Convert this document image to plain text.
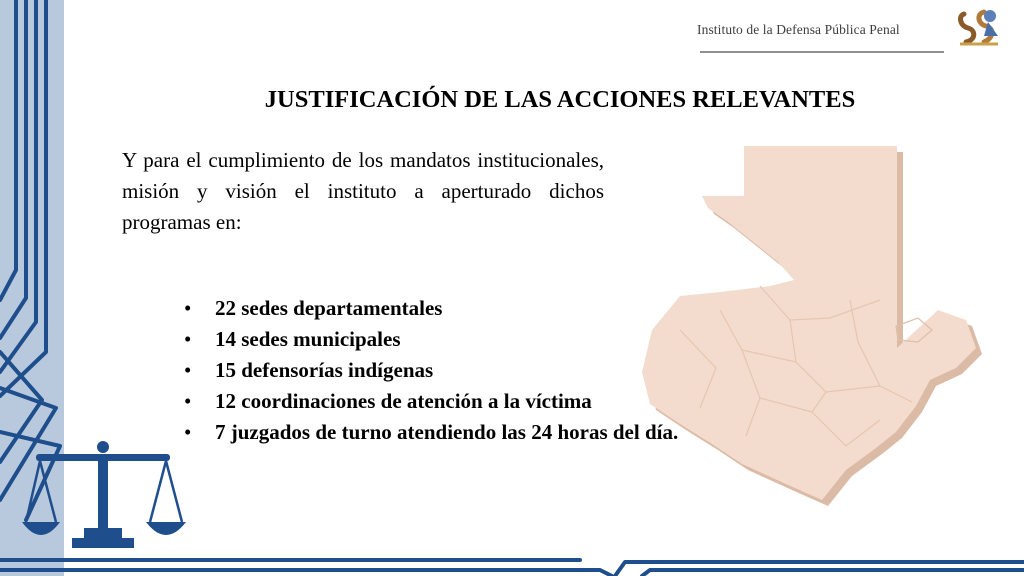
Instituto de la Defensa Pública Penal
JUSTIFICACIÓN DE LAS ACCIONES RELEVANTES
Y para el cumplimiento de los mandatos institucionales, misión y visión el instituto a aperturado dichos programas en:
• 22 sedes departamentales
• 14 sedes municipales
• 15 defensorías indígenas
• 12 coordinaciones de atención a la víctima
• 7 juzgados de turno atendiendo las 24 horas del día.
